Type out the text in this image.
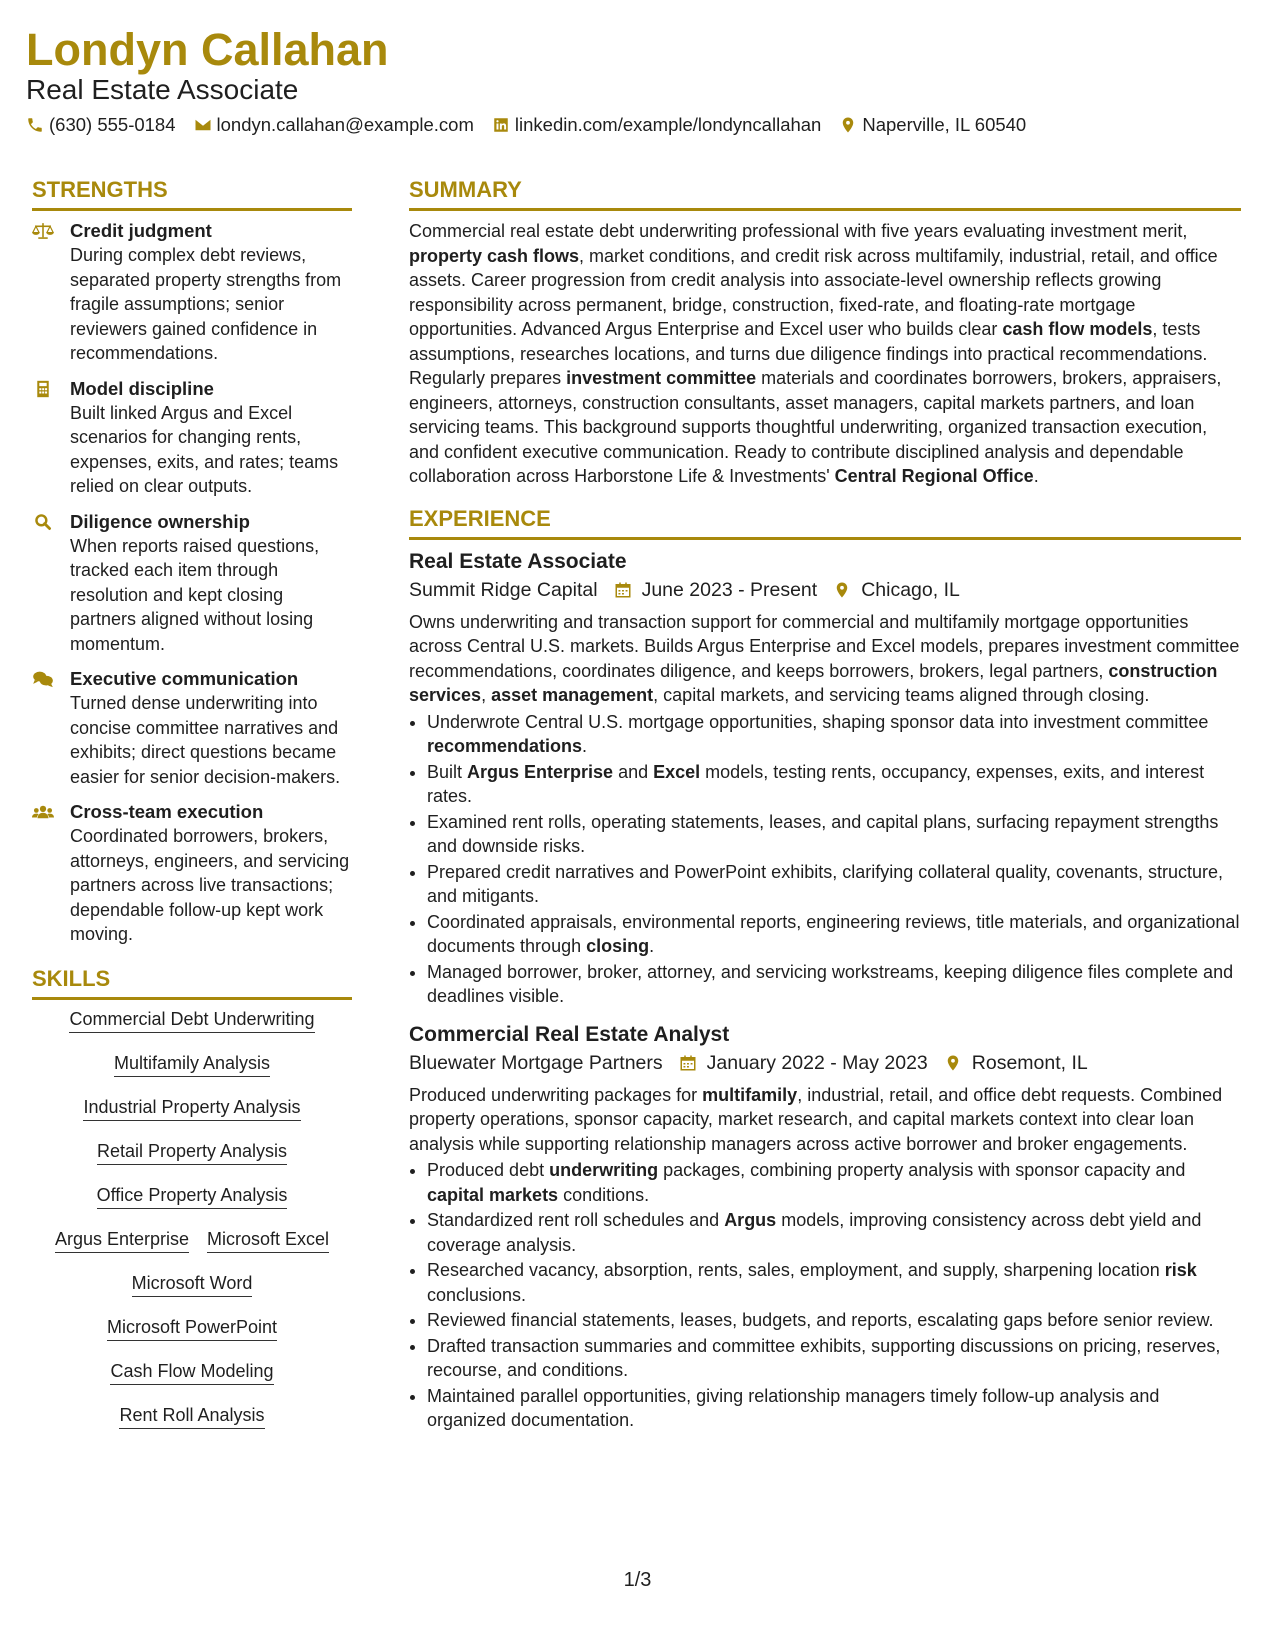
Londyn Callahan
Real Estate Associate
(630) 555-0184 londyn.callahan@example.com linkedin.com/example/londyncallahan Naperville, IL 60540
STRENGTHS
Credit judgment
During complex debt reviews, separated property strengths from fragile assumptions; senior reviewers gained confidence in recommendations.
Model discipline
Built linked Argus and Excel scenarios for changing rents, expenses, exits, and rates; teams relied on clear outputs.
Diligence ownership
When reports raised questions, tracked each item through resolution and kept closing partners aligned without losing momentum.
Executive communication
Turned dense underwriting into concise committee narratives and exhibits; direct questions became easier for senior decision-makers.
Cross-team execution
Coordinated borrowers, brokers, attorneys, engineers, and servicing partners across live transactions; dependable follow-up kept work moving.
SKILLS
Commercial Debt Underwriting
Multifamily Analysis
Industrial Property Analysis
Retail Property Analysis
Office Property Analysis
Argus Enterprise Microsoft Excel
Microsoft Word
Microsoft PowerPoint
Cash Flow Modeling
Rent Roll Analysis
SUMMARY
Commercial real estate debt underwriting professional with five years evaluating investment merit, property cash flows, market conditions, and credit risk across multifamily, industrial, retail, and office assets. Career progression from credit analysis into associate-level ownership reflects growing responsibility across permanent, bridge, construction, fixed-rate, and floating-rate mortgage opportunities. Advanced Argus Enterprise and Excel user who builds clear cash flow models, tests assumptions, researches locations, and turns due diligence findings into practical recommendations. Regularly prepares investment committee materials and coordinates borrowers, brokers, appraisers, engineers, attorneys, construction consultants, asset managers, capital markets partners, and loan servicing teams. This background supports thoughtful underwriting, organized transaction execution, and confident executive communication. Ready to contribute disciplined analysis and dependable collaboration across Harborstone Life & Investments' Central Regional Office.
EXPERIENCE
Real Estate Associate
Summit Ridge Capital June 2023 - Present Chicago, IL
Owns underwriting and transaction support for commercial and multifamily mortgage opportunities across Central U.S. markets. Builds Argus Enterprise and Excel models, prepares investment committee recommendations, coordinates diligence, and keeps borrowers, brokers, legal partners, construction services, asset management, capital markets, and servicing teams aligned through closing.
• Underwrote Central U.S. mortgage opportunities, shaping sponsor data into investment committee recommendations.
• Built Argus Enterprise and Excel models, testing rents, occupancy, expenses, exits, and interest rates.
• Examined rent rolls, operating statements, leases, and capital plans, surfacing repayment strengths and downside risks.
• Prepared credit narratives and PowerPoint exhibits, clarifying collateral quality, covenants, structure, and mitigants.
• Coordinated appraisals, environmental reports, engineering reviews, title materials, and organizational documents through closing.
• Managed borrower, broker, attorney, and servicing workstreams, keeping diligence files complete and deadlines visible.
Commercial Real Estate Analyst
Bluewater Mortgage Partners January 2022 - May 2023 Rosemont, IL
Produced underwriting packages for multifamily, industrial, retail, and office debt requests. Combined property operations, sponsor capacity, market research, and capital markets context into clear loan analysis while supporting relationship managers across active borrower and broker engagements.
• Produced debt underwriting packages, combining property analysis with sponsor capacity and capital markets conditions.
• Standardized rent roll schedules and Argus models, improving consistency across debt yield and coverage analysis.
• Researched vacancy, absorption, rents, sales, employment, and supply, sharpening location risk conclusions.
• Reviewed financial statements, leases, budgets, and reports, escalating gaps before senior review.
• Drafted transaction summaries and committee exhibits, supporting discussions on pricing, reserves, recourse, and conditions.
• Maintained parallel opportunities, giving relationship managers timely follow-up analysis and organized documentation.
1/3
